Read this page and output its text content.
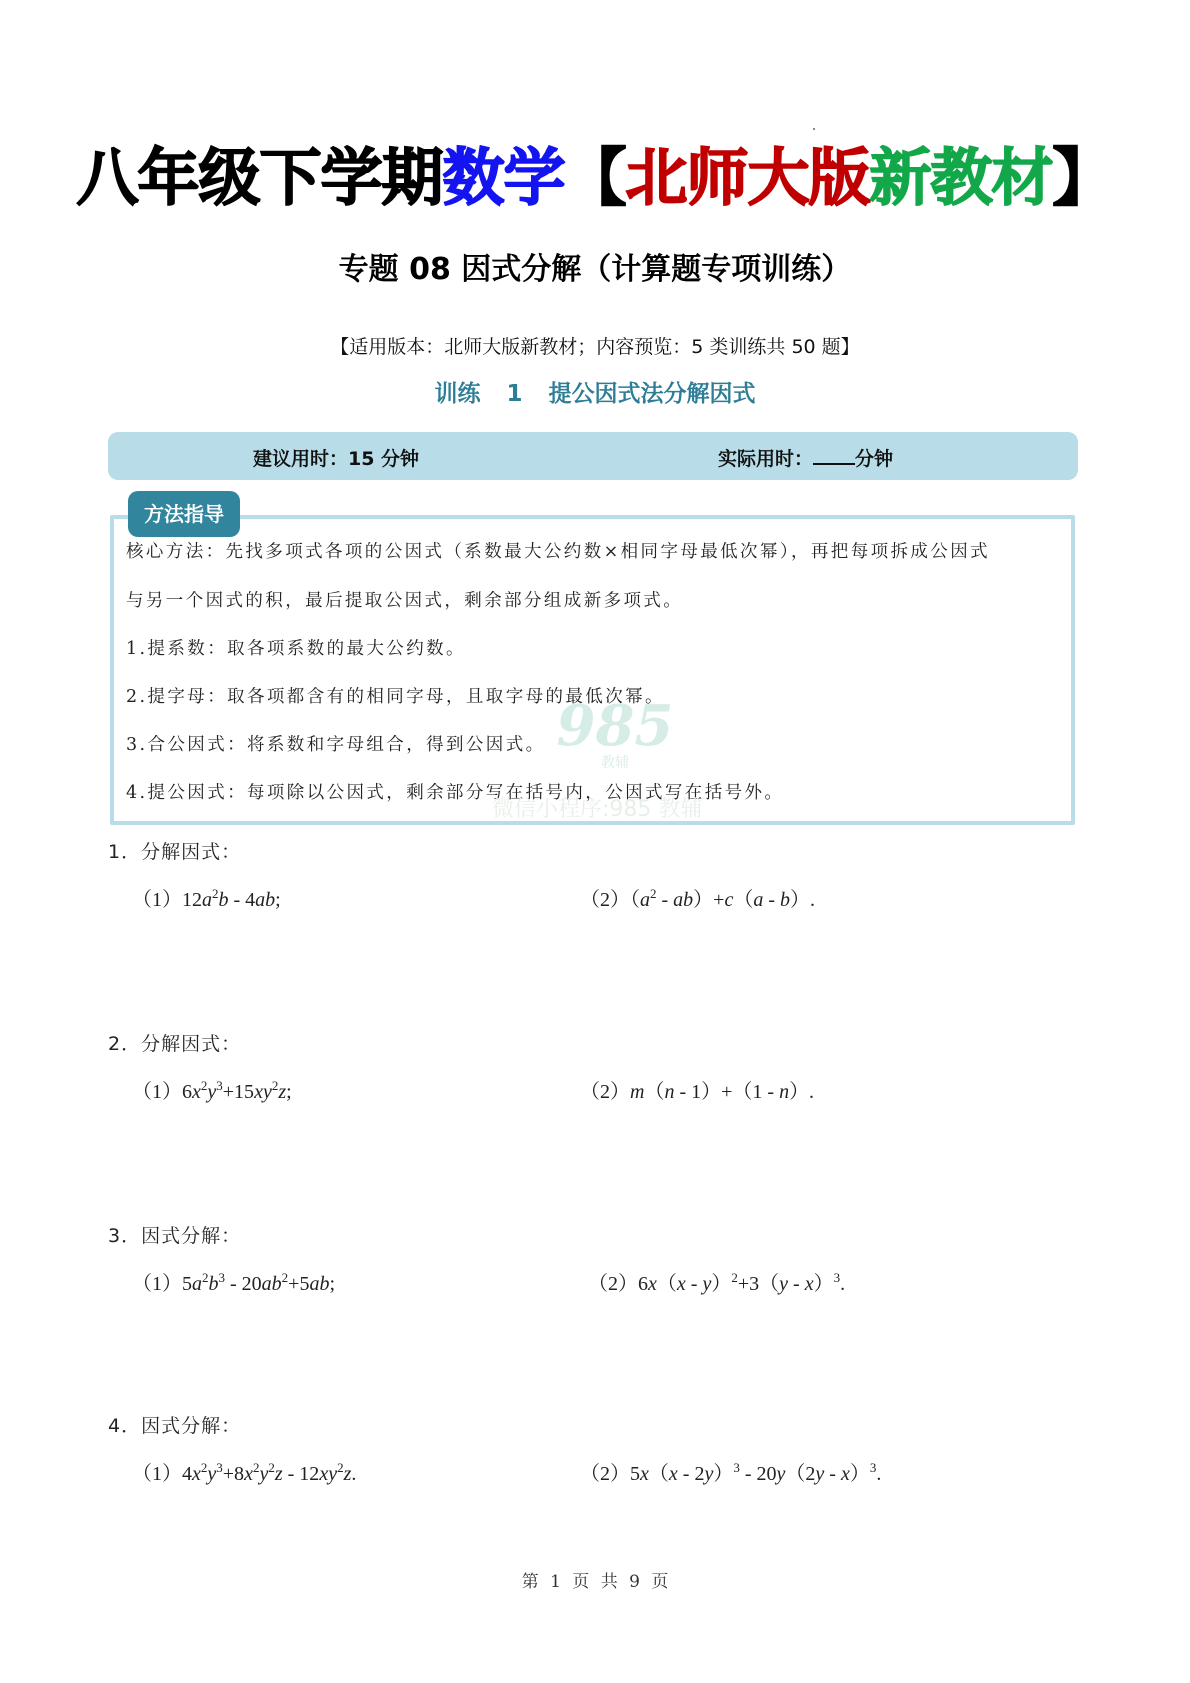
八年级下学期数学【北师大版新教材】
专题 08 因式分解（计算题专项训练）
【适用版本：北师大版新教材；内容预览：5 类训练共 50 题】
训练 1 提公因式法分解因式
建议用时：15 分钟	实际用时： 分钟
方法指导
985
教辅
核心方法：先找多项式各项的公因式（系数最大公约数×相同字母最低次幂），再把每项拆成公因式
与另一个因式的积，最后提取公因式，剩余部分组成新多项式。
1.提系数：取各项系数的最大公约数。
2.提字母：取各项都含有的相同字母，且取字母的最低次幂。
3.合公因式：将系数和字母组合，得到公因式。
4.提公因式：每项除以公因式，剩余部分写在括号内，公因式写在括号外。
微信小程序:985 教辅
1．分解因式：
$(1)12a^2b - 4ab$;	$(2)(a^2 - ab)+c(a - b)$.
2．分解因式：
$(1)6x^2y^3+15xy^2z$;	（2）m（n - 1）+（1 - n）.
3．因式分解：
$(1)5a^2b^3 - 20ab^2+5ab$;	（2）6x（x - y）$^2$+3（y - x）$^3$.
4．因式分解：
$(1)4x^2y^3+8x^2y^2z - 12xy^2z$.	（2）5x（x - 2y）$^3$ - 20y（2y - x）$^3$.
第 1 页 共 9 页
